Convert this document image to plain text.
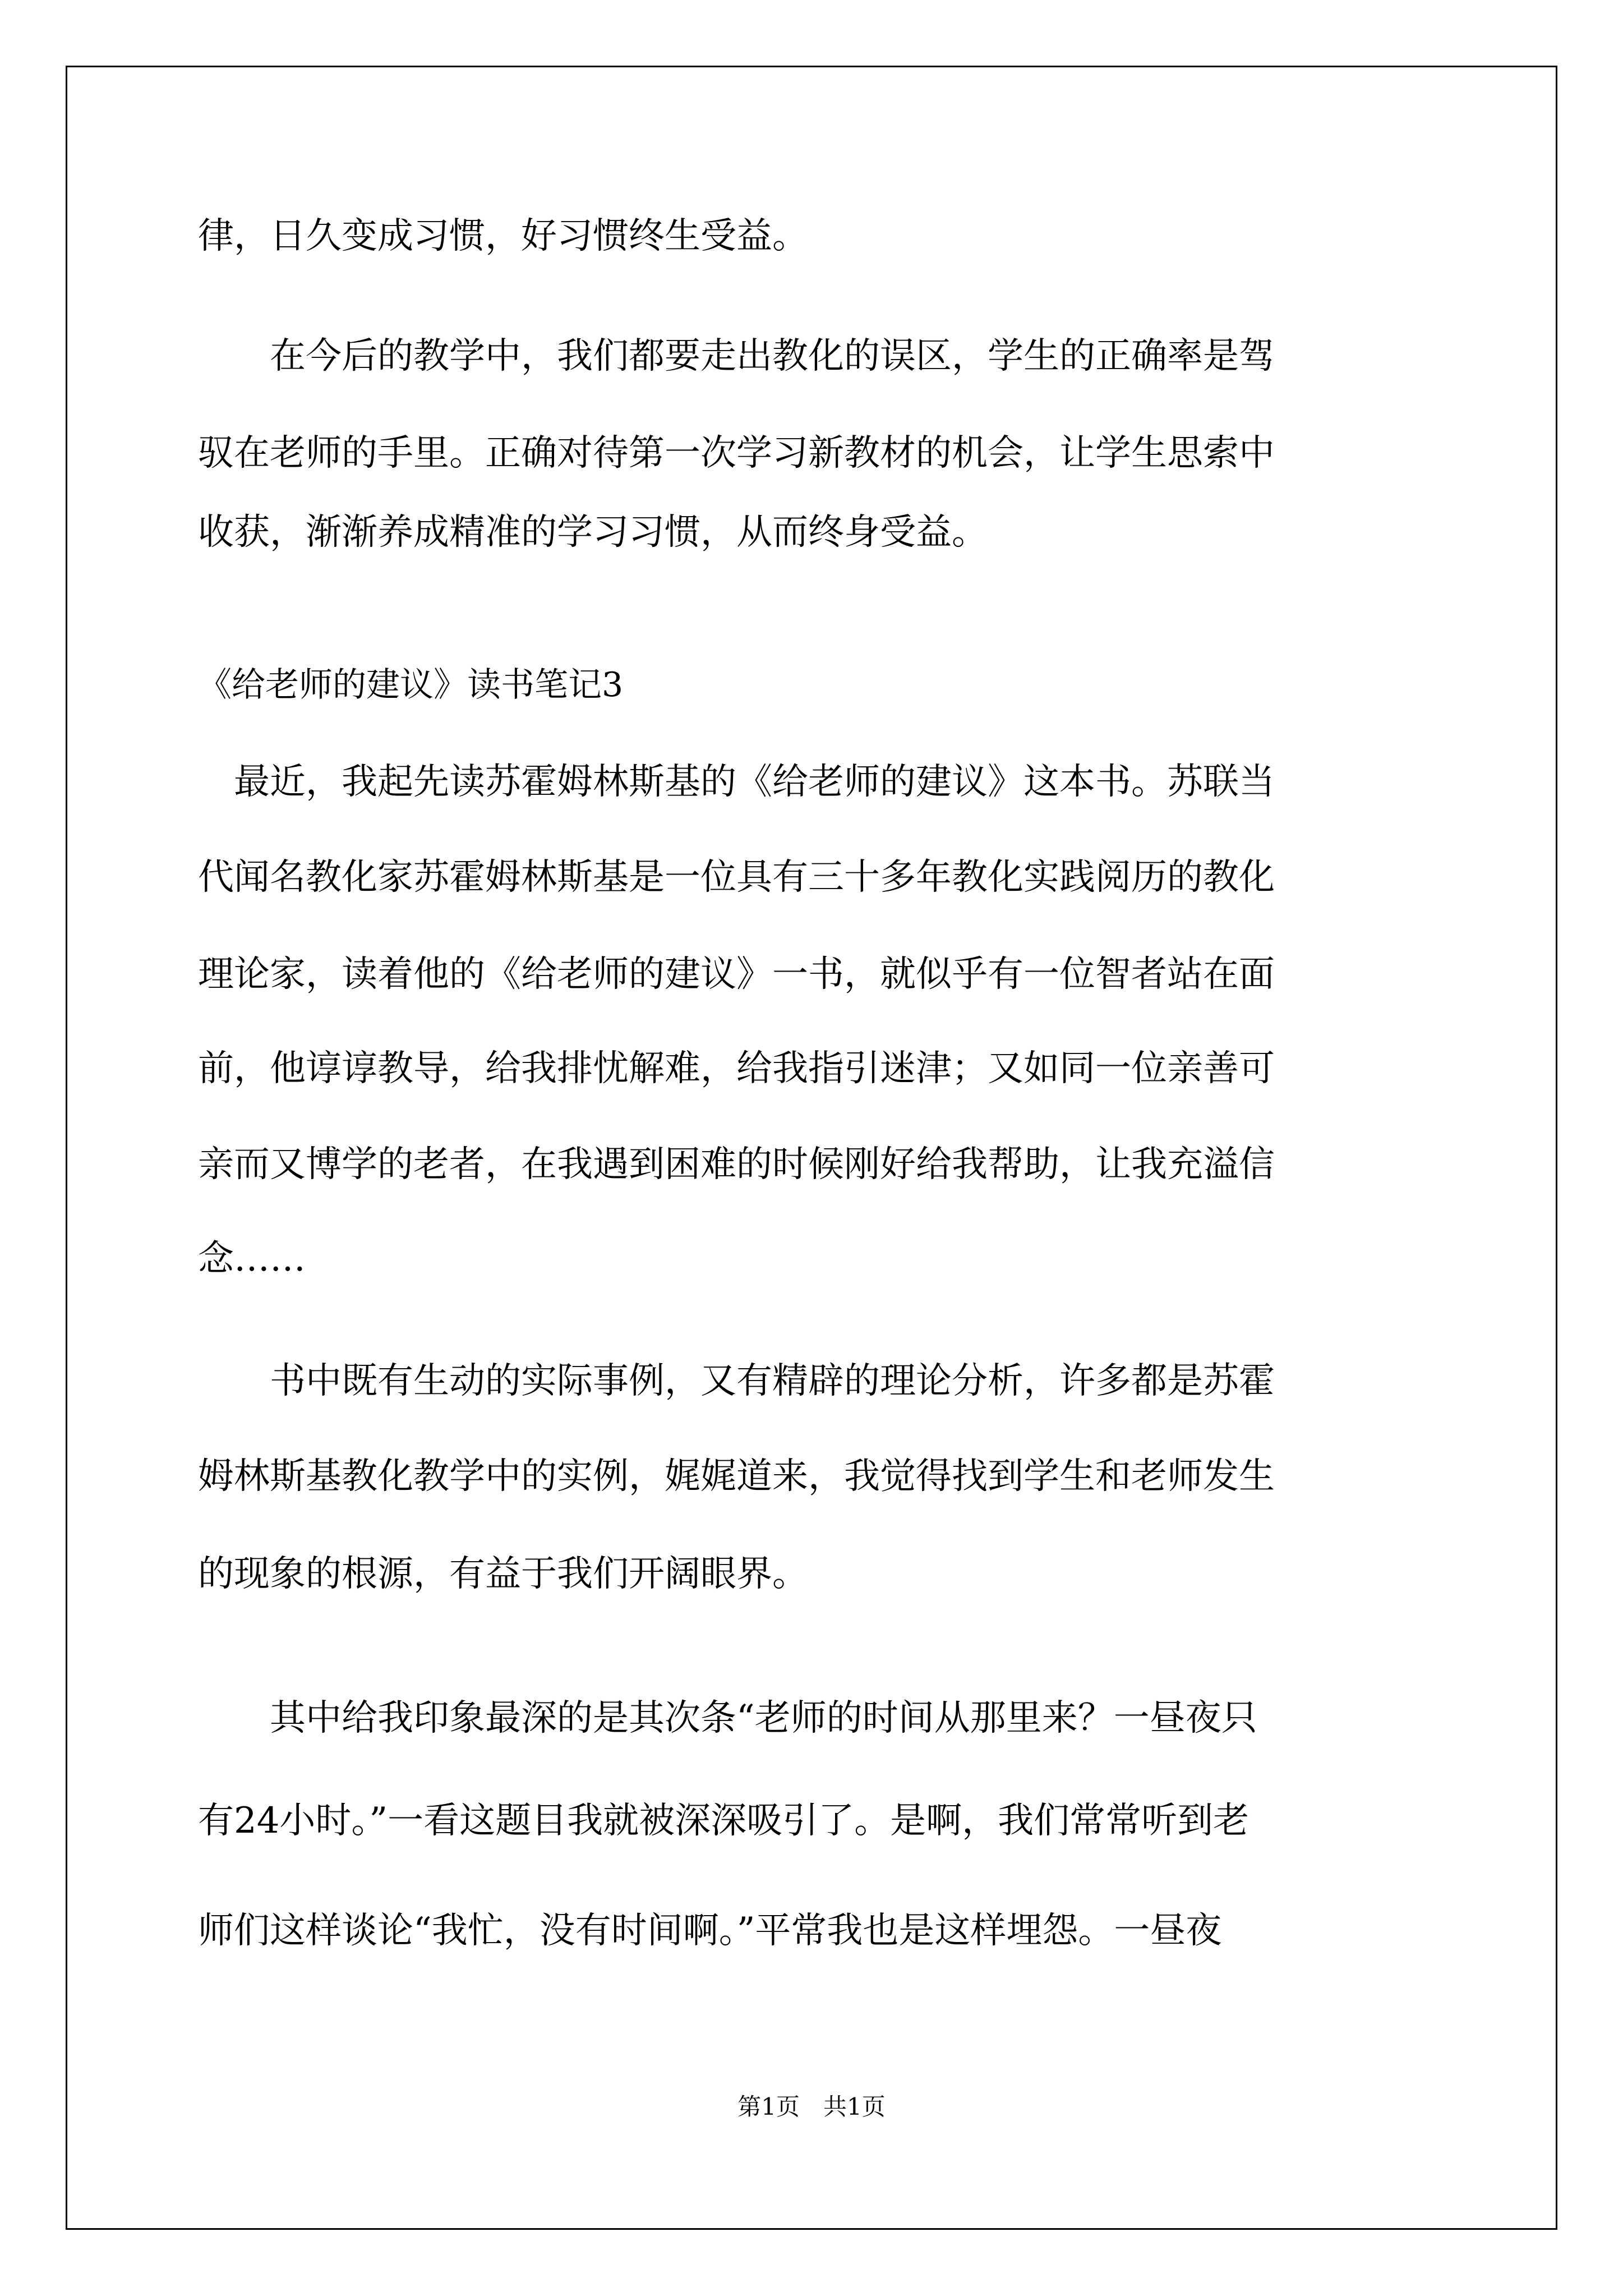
律，日久变成习惯，好习惯终生受益。

　　在今后的教学中，我们都要走出教化的误区，学生的正确率是驾

驭在老师的手里。正确对待第一次学习新教材的机会，让学生思索中

收获，渐渐养成精准的学习习惯，从而终身受益。

《给老师的建议》读书笔记3

　最近，我起先读苏霍姆林斯基的《给老师的建议》这本书。苏联当

代闻名教化家苏霍姆林斯基是一位具有三十多年教化实践阅历的教化

理论家，读着他的《给老师的建议》一书，就似乎有一位智者站在面

前，他谆谆教导，给我排忧解难，给我指引迷津；又如同一位亲善可

亲而又博学的老者，在我遇到困难的时候刚好给我帮助，让我充溢信

念……

　　书中既有生动的实际事例，又有精辟的理论分析，许多都是苏霍

姆林斯基教化教学中的实例，娓娓道来，我觉得找到学生和老师发生

的现象的根源，有益于我们开阔眼界。

　　其中给我印象最深的是其次条“老师的时间从那里来？一昼夜只

有24小时。”一看这题目我就被深深吸引了。是啊，我们常常听到老

师们这样谈论“我忙，没有时间啊。”平常我也是这样埋怨。一昼夜

第1页　共1页
